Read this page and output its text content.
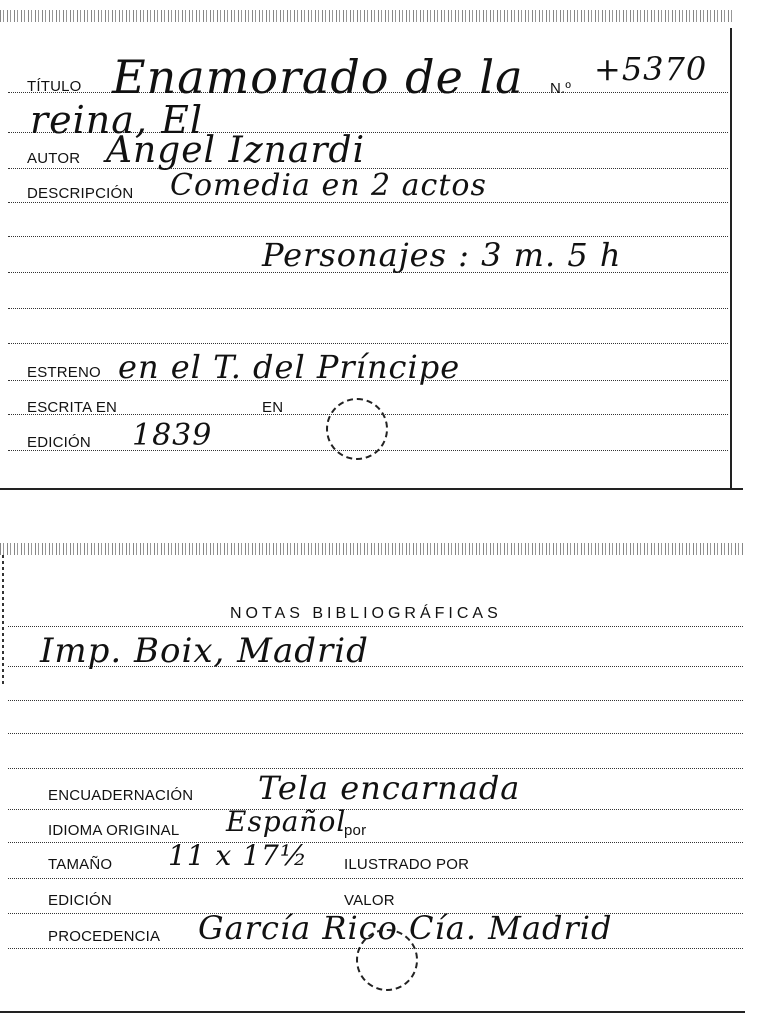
TÍTULO Enamorado de la N.º
+5370
reina, El
AUTOR Angel Iznardi
DESCRIPCIÓN Comedia en 2 actos
Personajes : 3 m. 5 h
ESTRENO en el T. del Príncipe
ESCRITA EN	EN
EDICIÓN 1839
NOTAS BIBLIOGRÁFICAS
Imp. Boix, Madrid
ENCUADERNACIÓN Tela encarnada
IDIOMA ORIGINAL Español
por
TAMAÑO 11 x 17½ ILUSTRADO POR
EDICIÓN	VALOR
PROCEDENCIA García Rico Cía. Madrid
